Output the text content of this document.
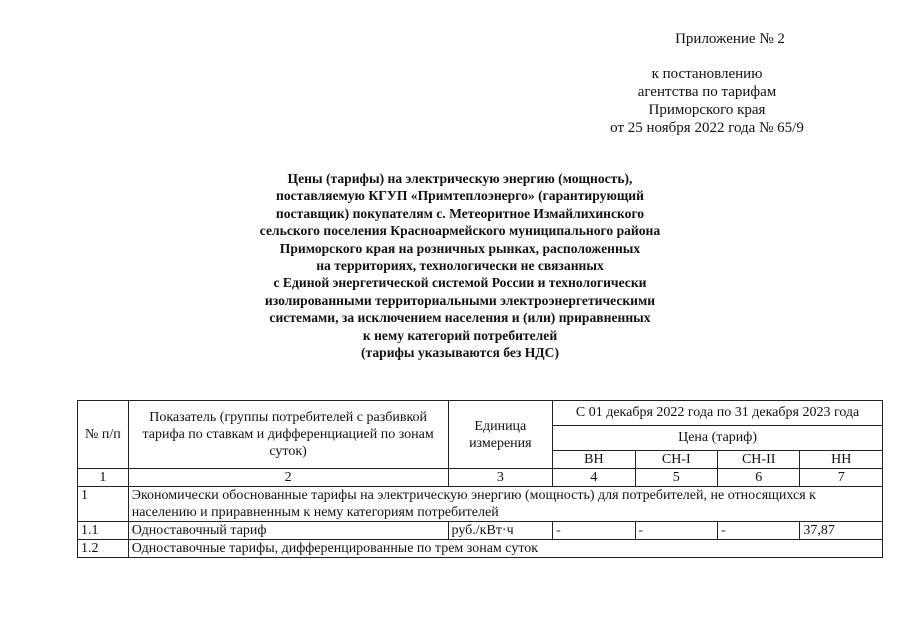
Приложение № 2
к постановлению
агентства по тарифам
Приморского края
от 25 ноября 2022 года № 65/9
Цены (тарифы) на электрическую энергию (мощность),
поставляемую КГУП «Примтеплоэнерго» (гарантирующий
поставщик) покупателям с. Метеоритное Измайлихинского
сельского поселения Красноармейского муниципального района
Приморского края на розничных рынках, расположенных
на территориях, технологически не связанных
с Единой энергетической системой России и технологически
изолированными территориальными электроэнергетическими
системами, за исключением населения и (или) приравненных
к нему категорий потребителей
(тарифы указываются без НДС)
№ п/п	Показатель (группы потребителей с разбивкой тарифа по ставкам и дифференциацией по зонам суток)	Единица измерения	С 01 декабря 2022 года по 31 декабря 2023 года			
			Цена (тариф)			
			ВН	СН-I	СН-II	НН
1	2	3	4	5	6	7
1	Экономически обоснованные тарифы на электрическую энергию (мощность) для потребителей, не относящихся к населению и приравненным к нему категориям потребителей					
1.1	Одноставочный тариф	руб./кВт·ч	-	-	-	37,87
1.2	Одноставочные тарифы, дифференцированные по трем зонам суток					
